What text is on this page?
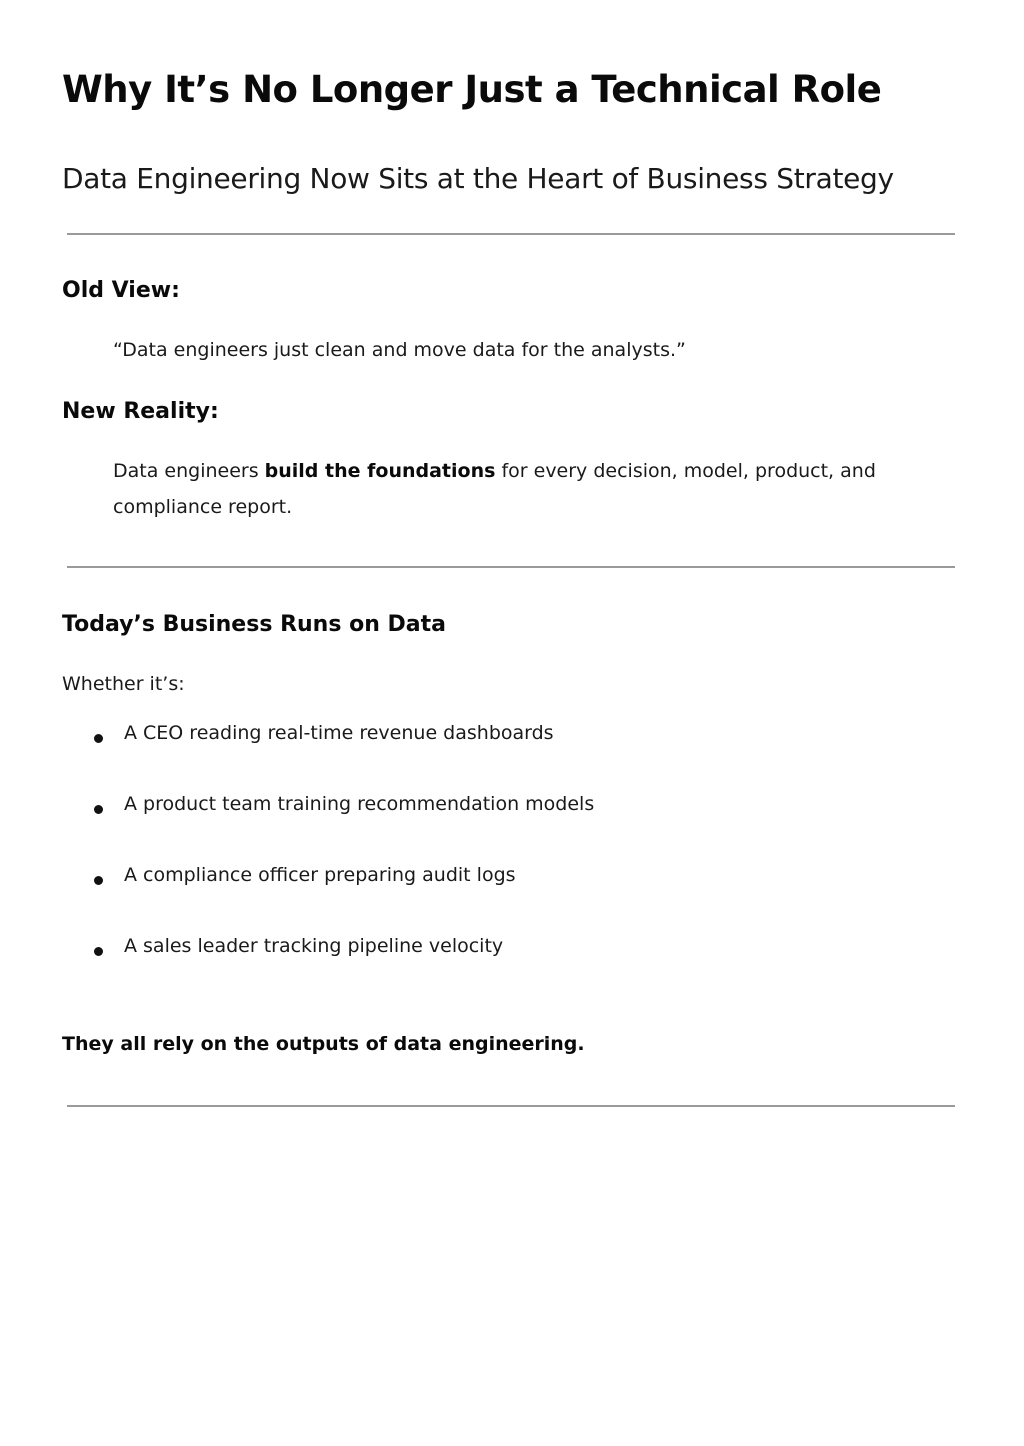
Why It’s No Longer Just a Technical Role
Data Engineering Now Sits at the Heart of Business Strategy
Old View:

“Data engineers just clean and move data for the analysts.”

New Reality:

Data engineers build the foundations for every decision, model, product, and compliance report.

Today’s Business Runs on Data

Whether it’s:

A CEO reading real-time revenue dashboards
A product team training recommendation models
A compliance officer preparing audit logs
A sales leader tracking pipeline velocity

They all rely on the outputs of data engineering.
